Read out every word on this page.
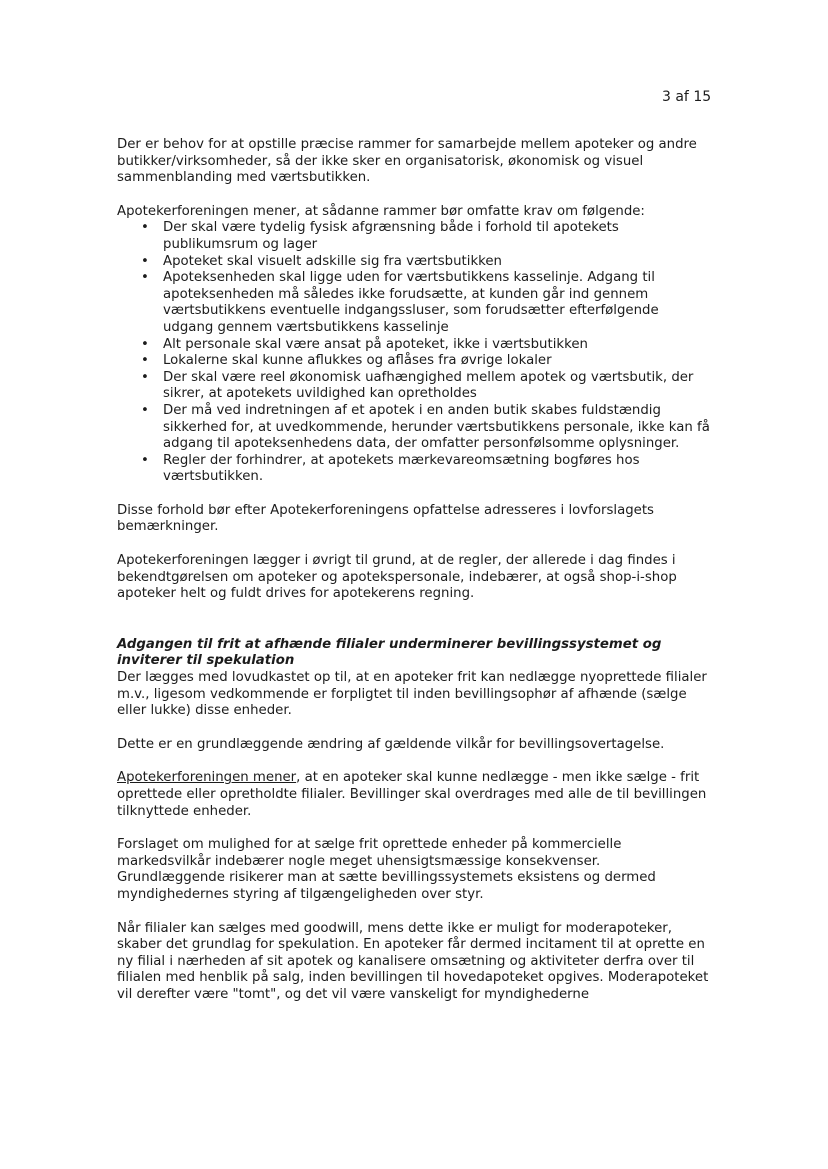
3 af 15

Der er behov for at opstille præcise rammer for samarbejde mellem apoteker og andre butikker/virksomheder, så der ikke sker en organisatorisk, økonomisk og visuel sammenblanding med værtsbutikken.

Apotekerforeningen mener, at sådanne rammer bør omfatte krav om følgende:

• Der skal være tydelig fysisk afgrænsning både i forhold til apotekets publikumsrum og lager
• Apoteket skal visuelt adskille sig fra værtsbutikken
• Apoteksenheden skal ligge uden for værtsbutikkens kasselinje. Adgang til apoteksenheden må således ikke forudsætte, at kunden går ind gennem værtsbutikkens eventuelle indgangssluser, som forudsætter efterfølgende udgang gennem værtsbutikkens kasselinje
• Alt personale skal være ansat på apoteket, ikke i værtsbutikken
• Lokalerne skal kunne aflukkes og aflåses fra øvrige lokaler
• Der skal være reel økonomisk uafhængighed mellem apotek og værtsbutik, der sikrer, at apotekets uvildighed kan opretholdes
• Der må ved indretningen af et apotek i en anden butik skabes fuldstændig sikkerhed for, at uvedkommende, herunder værtsbutikkens personale, ikke kan få adgang til apoteksenhedens data, der omfatter personfølsomme oplysninger.
• Regler der forhindrer, at apotekets mærkevareomsætning bogføres hos værtsbutikken.

Disse forhold bør efter Apotekerforeningens opfattelse adresseres i lovforslagets bemærkninger.

Apotekerforeningen lægger i øvrigt til grund, at de regler, der allerede i dag findes i bekendtgørelsen om apoteker og apotekspersonale, indebærer, at også shop-i-shop apoteker helt og fuldt drives for apotekerens regning.

Adgangen til frit at afhænde filialer underminerer bevillingssystemet og inviterer til spekulation

Der lægges med lovudkastet op til, at en apoteker frit kan nedlægge nyoprettede filialer m.v., ligesom vedkommende er forpligtet til inden bevillingsophør af afhænde (sælge eller lukke) disse enheder.

Dette er en grundlæggende ændring af gældende vilkår for bevillingsovertagelse.

Apotekerforeningen mener, at en apoteker skal kunne nedlægge - men ikke sælge - frit oprettede eller opretholdte filialer. Bevillinger skal overdrages med alle de til bevillingen tilknyttede enheder.

Forslaget om mulighed for at sælge frit oprettede enheder på kommercielle markedsvilkår indebærer nogle meget uhensigtsmæssige konsekvenser. Grundlæggende risikerer man at sætte bevillingssystemets eksistens og dermed myndighedernes styring af tilgængeligheden over styr.

Når filialer kan sælges med goodwill, mens dette ikke er muligt for moderapoteker, skaber det grundlag for spekulation. En apoteker får dermed incitament til at oprette en ny filial i nærheden af sit apotek og kanalisere omsætning og aktiviteter derfra over til filialen med henblik på salg, inden bevillingen til hovedapoteket opgives. Moderapoteket vil derefter være "tomt", og det vil være vanskeligt for myndighederne
